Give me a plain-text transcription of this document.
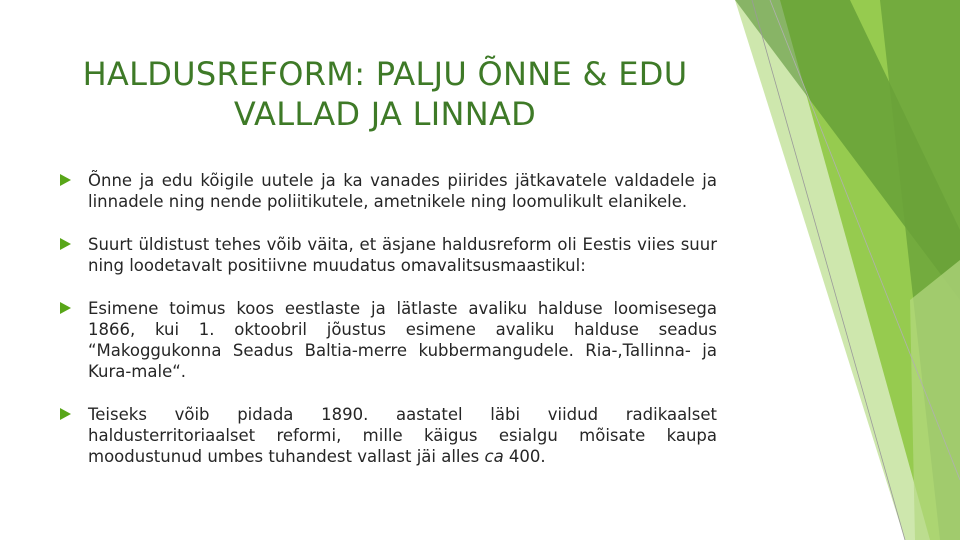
HALDUSREFORM: PALJU ÕNNE & EDU
VALLAD JA LINNAD
Õnne ja edu kõigile uutele ja ka vanades piirides jätkavatele valdadele ja linnadele ning nende poliitikutele, ametnikele ning loomulikult elanikele.
Suurt üldistust tehes võib väita, et äsjane haldusreform oli Eestis viies suur ning loodetavalt positiivne muudatus omavalitsusmaastikul:
Esimene toimus koos eestlaste ja lätlaste avaliku halduse loomisesega 1866, kui 1. oktoobril jõustus esimene avaliku halduse seadus “Makoggukonna Seadus Baltia-merre kubbermangudele. Ria-,Tallinna- ja Kura-male“.
Teiseks võib pidada 1890. aastatel läbi viidud radikaalset haldusterritoriaalset reformi, mille käigus esialgu mõisate kaupa moodustunud umbes tuhandest vallast jäi alles ca 400.
